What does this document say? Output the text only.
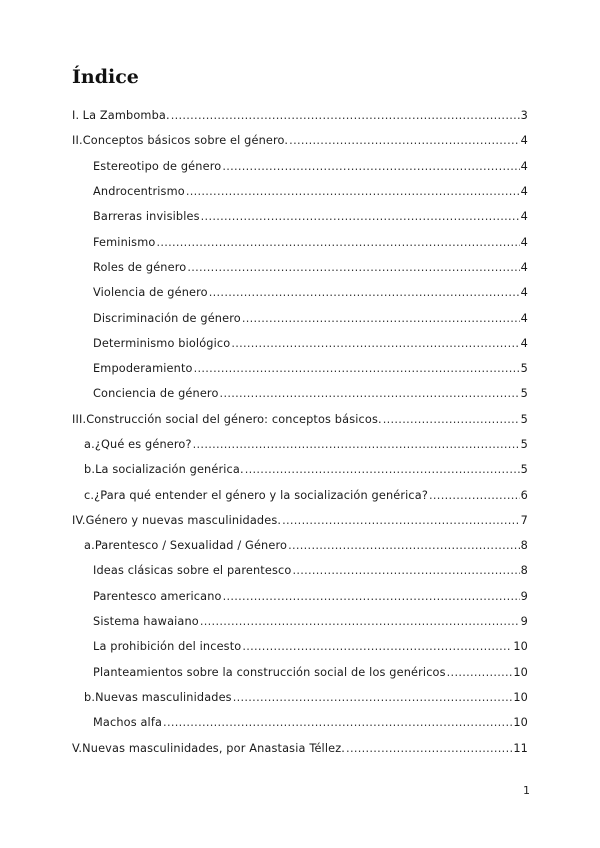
Índice
I. La Zambomba. .....	3
II. Conceptos básicos sobre el género. .....	4
Estereotipo de género .....	4
Androcentrismo .....	4
Barreras invisibles .....	4
Feminismo .....	4
Roles de género .....	4
Violencia de género .....	4
Discriminación de género .....	4
Determinismo biológico .....	4
Empoderamiento .....	5
Conciencia de género .....	5
III. Construcción social del género: conceptos básicos. .....	5
a. ¿Qué es género? .....	5
b. La socialización genérica. .....	5
c. ¿Para qué entender el género y la socialización genérica? .....	6
IV. Género y nuevas masculinidades. .....	7
a. Parentesco / Sexualidad / Género .....	8
Ideas clásicas sobre el parentesco .....	8
Parentesco americano .....	9
Sistema hawaiano .....	9
La prohibición del incesto .....	10
Planteamientos sobre la construcción social de los genéricos .....	10
b. Nuevas masculinidades .....	10
Machos alfa .....	10
V. Nuevas masculinidades, por Anastasia Téllez. .....	11
1
